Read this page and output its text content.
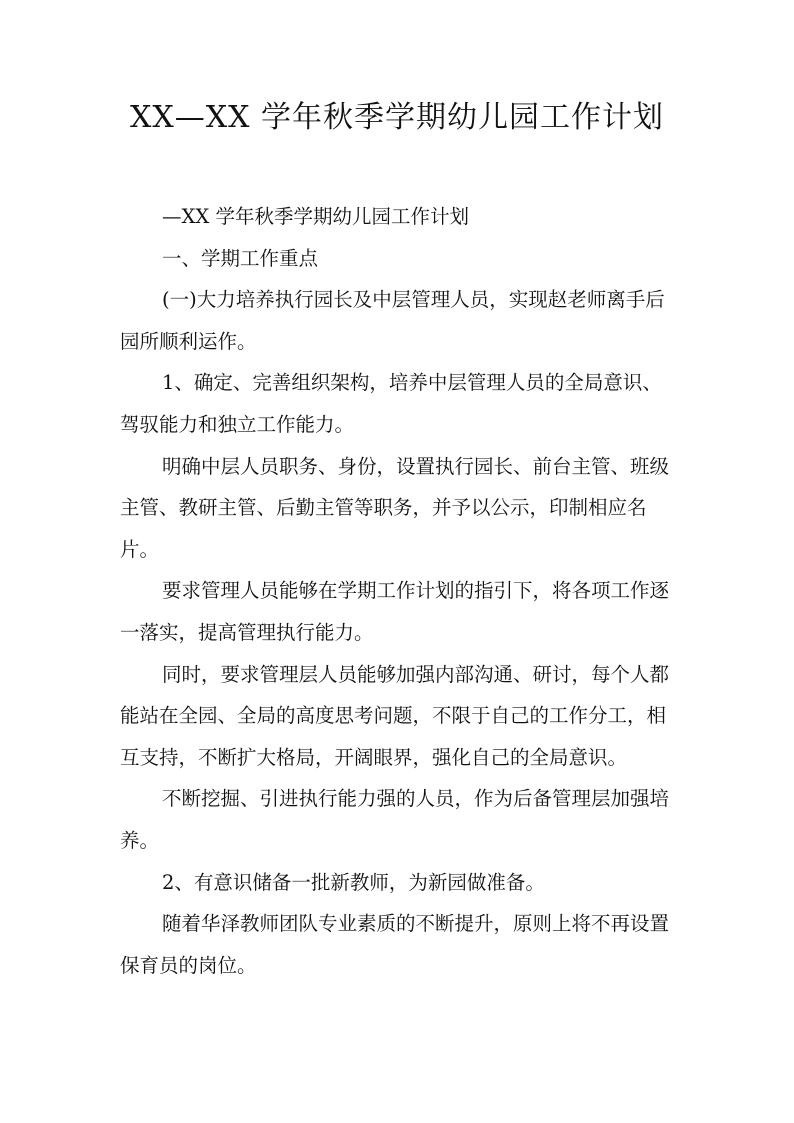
XX—XX 学年秋季学期幼儿园工作计划

—XX 学年秋季学期幼儿园工作计划

一、学期工作重点

(一)大力培养执行园长及中层管理人员，实现赵老师离手后园所顺利运作。

1、确定、完善组织架构，培养中层管理人员的全局意识、驾驭能力和独立工作能力。

明确中层人员职务、身份，设置执行园长、前台主管、班级主管、教研主管、后勤主管等职务，并予以公示，印制相应名片。

要求管理人员能够在学期工作计划的指引下，将各项工作逐一落实，提高管理执行能力。

同时，要求管理层人员能够加强内部沟通、研讨，每个人都能站在全园、全局的高度思考问题，不限于自己的工作分工，相互支持，不断扩大格局，开阔眼界，强化自己的全局意识。

不断挖掘、引进执行能力强的人员，作为后备管理层加强培养。

2、有意识储备一批新教师，为新园做准备。

随着华泽教师团队专业素质的不断提升，原则上将不再设置保育员的岗位。
